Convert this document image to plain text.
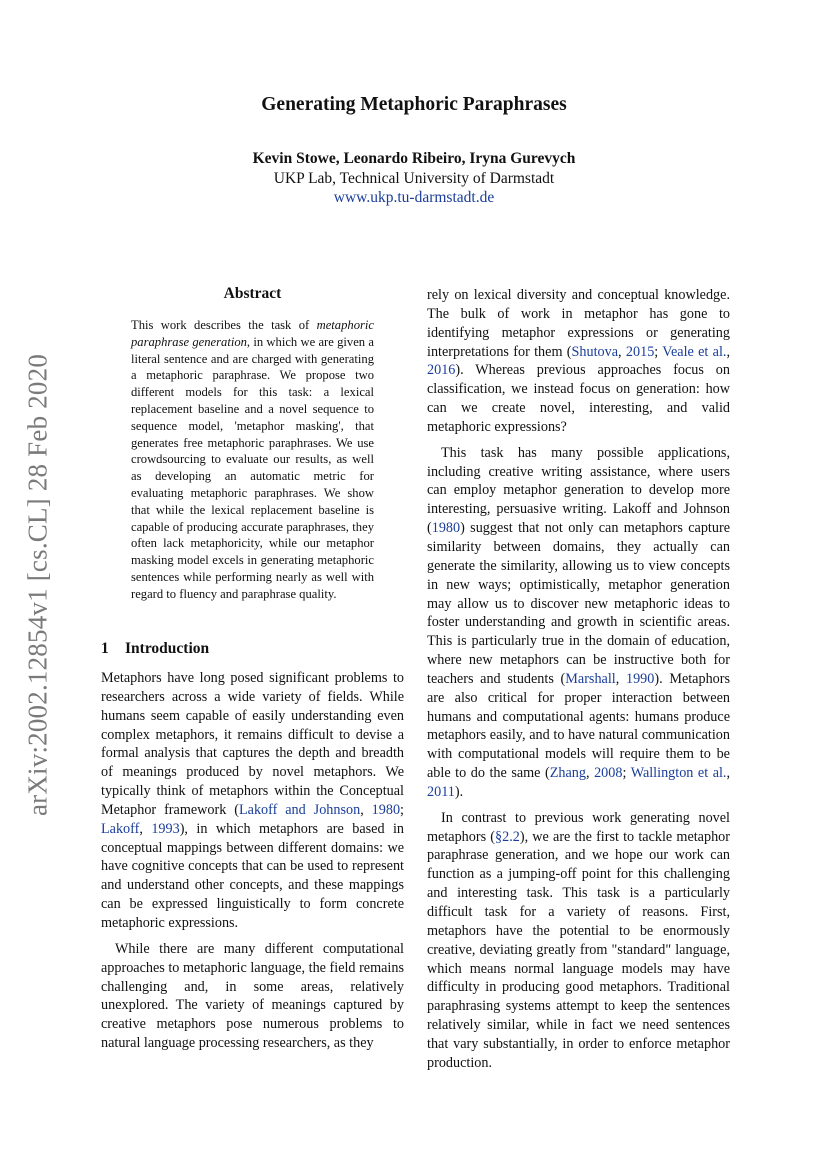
arXiv:2002.12854v1 [cs.CL] 28 Feb 2020
Generating Metaphoric Paraphrases
Kevin Stowe, Leonardo Ribeiro, Iryna Gurevych
UKP Lab, Technical University of Darmstadt
www.ukp.tu-darmstadt.de
Abstract
This work describes the task of metaphoric paraphrase generation, in which we are given a literal sentence and are charged with generating a metaphoric paraphrase. We propose two different models for this task: a lexical replacement baseline and a novel sequence to sequence model, 'metaphor masking', that generates free metaphoric paraphrases. We use crowdsourcing to evaluate our results, as well as developing an automatic metric for evaluating metaphoric paraphrases. We show that while the lexical replacement baseline is capable of producing accurate paraphrases, they often lack metaphoricity, while our metaphor masking model excels in generating metaphoric sentences while performing nearly as well with regard to fluency and paraphrase quality.
1 Introduction

Metaphors have long posed significant problems to researchers across a wide variety of fields. While humans seem capable of easily understanding even complex metaphors, it remains difficult to devise a formal analysis that captures the depth and breadth of meanings produced by novel metaphors. We typically think of metaphors within the Conceptual Metaphor framework (Lakoff and Johnson, 1980; Lakoff, 1993), in which metaphors are based in conceptual mappings between different domains: we have cognitive concepts that can be used to represent and understand other concepts, and these mappings can be expressed linguistically to form concrete metaphoric expressions.

While there are many different computational approaches to metaphoric language, the field remains challenging and, in some areas, relatively unexplored. The variety of meanings captured by creative metaphors pose numerous problems to natural language processing researchers, as they

rely on lexical diversity and conceptual knowledge. The bulk of work in metaphor has gone to identifying metaphor expressions or generating interpretations for them (Shutova, 2015; Veale et al., 2016). Whereas previous approaches focus on classification, we instead focus on generation: how can we create novel, interesting, and valid metaphoric expressions?

This task has many possible applications, including creative writing assistance, where users can employ metaphor generation to develop more interesting, persuasive writing. Lakoff and Johnson (1980) suggest that not only can metaphors capture similarity between domains, they actually can generate the similarity, allowing us to view concepts in new ways; optimistically, metaphor generation may allow us to discover new metaphoric ideas to foster understanding and growth in scientific areas. This is particularly true in the domain of education, where new metaphors can be instructive both for teachers and students (Marshall, 1990). Metaphors are also critical for proper interaction between humans and computational agents: humans produce metaphors easily, and to have natural communication with computational models will require them to be able to do the same (Zhang, 2008; Wallington et al., 2011).

In contrast to previous work generating novel metaphors (§2.2), we are the first to tackle metaphor paraphrase generation, and we hope our work can function as a jumping-off point for this challenging and interesting task. This task is a particularly difficult task for a variety of reasons. First, metaphors have the potential to be enormously creative, deviating greatly from "standard" language, which means normal language models may have difficulty in producing good metaphors. Traditional paraphrasing systems attempt to keep the sentences relatively similar, while in fact we need sentences that vary substantially, in order to enforce metaphor production.
